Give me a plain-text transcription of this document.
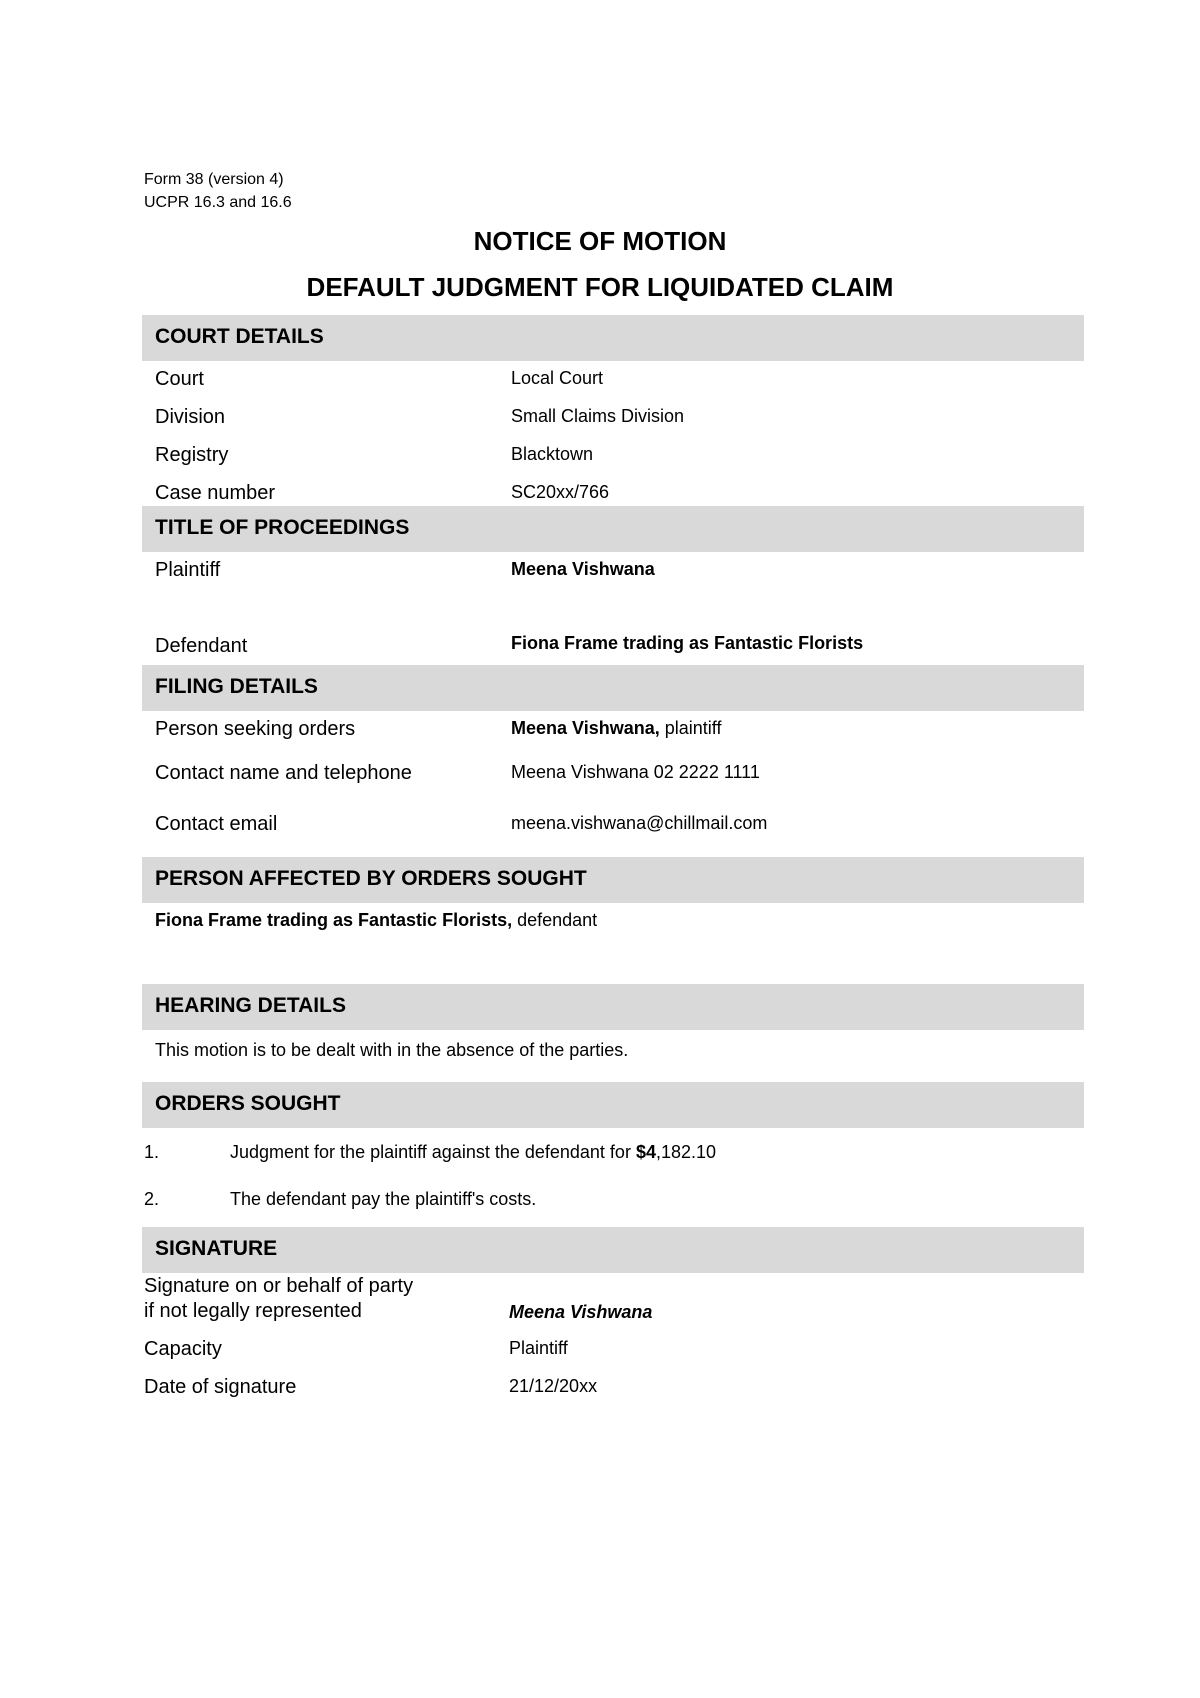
Form 38 (version 4)
UCPR 16.3 and 16.6
NOTICE OF MOTION
DEFAULT JUDGMENT FOR LIQUIDATED CLAIM
COURT DETAILS
Court	Local Court
Division	Small Claims Division
Registry	Blacktown
Case number	SC20xx/766
TITLE OF PROCEEDINGS
Plaintiff	Meena Vishwana
Defendant	Fiona Frame trading as Fantastic Florists
FILING DETAILS
Person seeking orders	Meena Vishwana, plaintiff
Contact name and telephone	Meena Vishwana 02 2222 1111
Contact email	meena.vishwana@chillmail.com
PERSON AFFECTED BY ORDERS SOUGHT
Fiona Frame trading as Fantastic Florists, defendant
HEARING DETAILS
This motion is to be dealt with in the absence of the parties.
ORDERS SOUGHT
1.	Judgment for the plaintiff against the defendant for $4,182.10
2.	The defendant pay the plaintiff's costs.
SIGNATURE
Signature on or behalf of party
if not legally represented	Meena Vishwana
Capacity	Plaintiff
Date of signature	21/12/20xx
